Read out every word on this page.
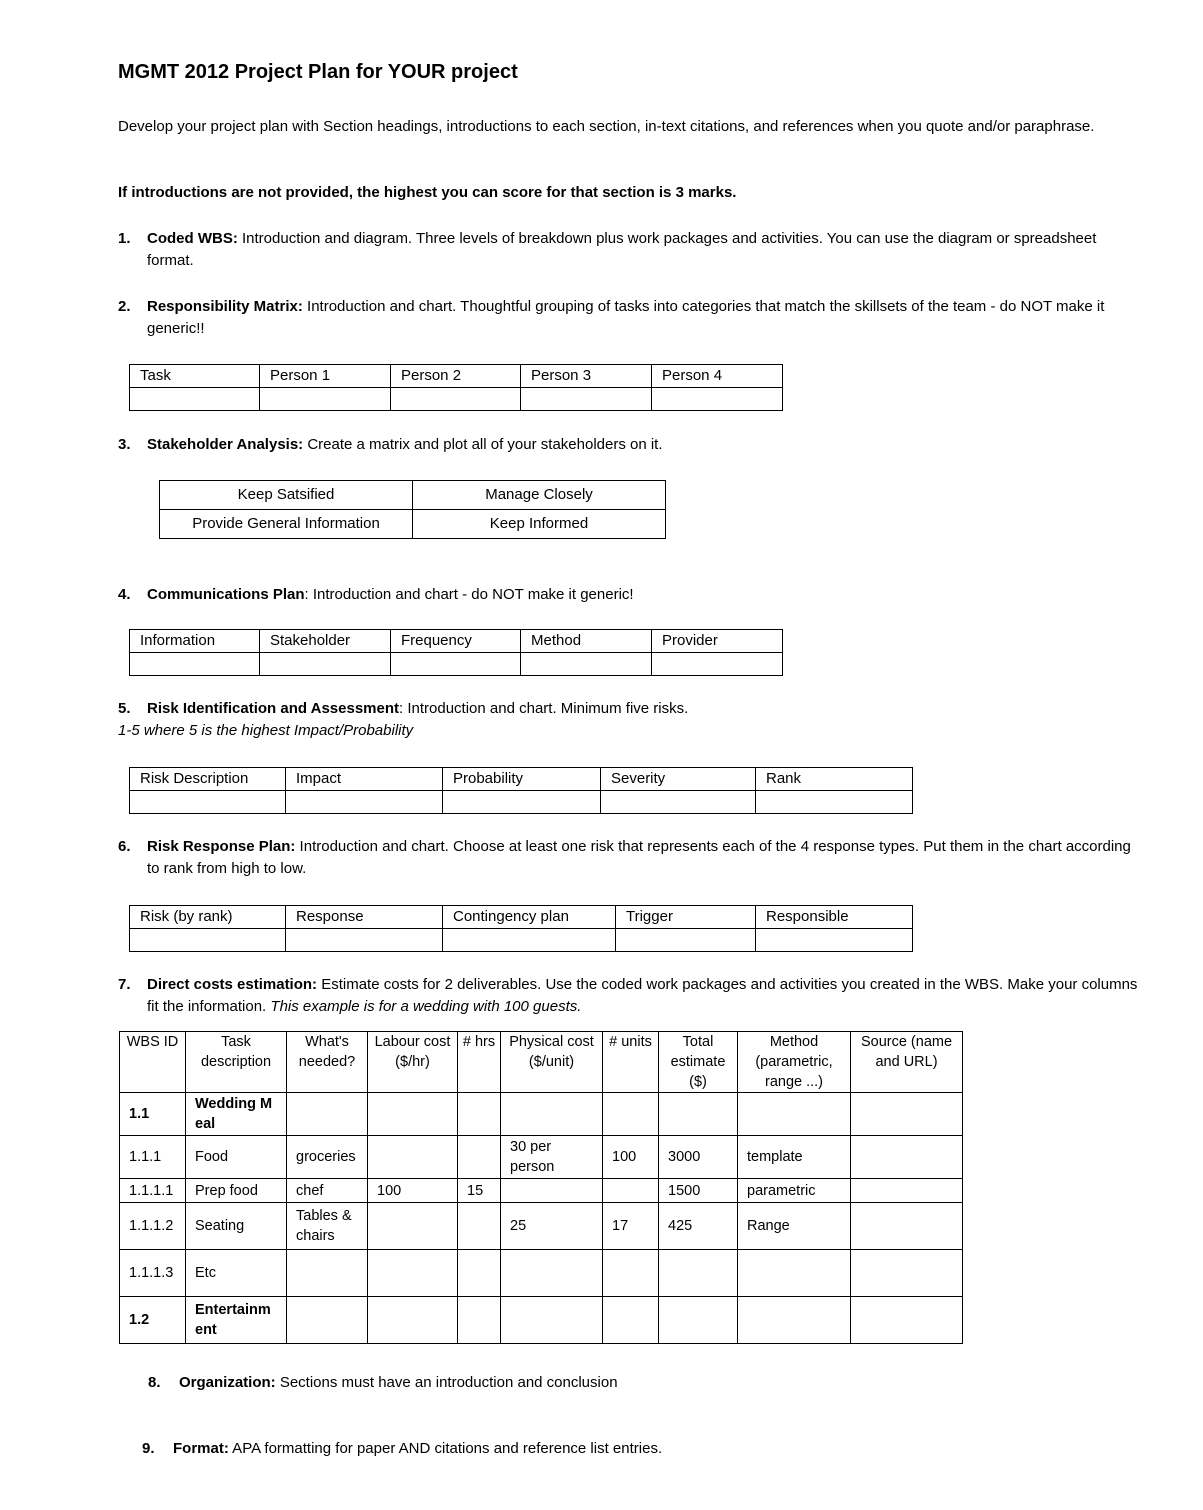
MGMT 2012 Project Plan for YOUR project
Develop your project plan with Section headings, introductions to each section, in-text citations, and references when you quote and/or paraphrase.
If introductions are not provided, the highest you can score for that section is 3 marks.
1. Coded WBS: Introduction and diagram. Three levels of breakdown plus work packages and activities. You can use the diagram or spreadsheet format.
2. Responsibility Matrix: Introduction and chart. Thoughtful grouping of tasks into categories that match the skillsets of the team - do NOT make it generic!!
3. Stakeholder Analysis: Create a matrix and plot all of your stakeholders on it.
4. Communications Plan: Introduction and chart - do NOT make it generic!
5. Risk Identification and Assessment: Introduction and chart. Minimum five risks.
6. Risk Response Plan: Introduction and chart. Choose at least one risk that represents each of the 4 response types. Put them in the chart according to rank from high to low.
7. Direct costs estimation: Estimate costs for 2 deliverables. Use the coded work packages and activities you created in the WBS. Make your columns fit the information. This example is for a wedding with 100 guests.
8. Organization: Sections must have an introduction and conclusion
9. Format: APA formatting for paper AND citations and reference list entries.
1-5 where 5 is the highest Impact/Probability
Task	Person 1	Person 2	Person 3	Person 4

Keep Satsified	Manage Closely
Provide General Information	Keep Informed
Information	Stakeholder	Frequency	Method	Provider

Risk Description	Impact	Probability	Severity	Rank

Risk (by rank)	Response	Contingency plan	Trigger	Responsible

WBS ID	Task description	What's needed?	Labour cost ($/hr)	# hrs	Physical cost ($/unit)	# units	Total estimate ($)	Method (parametric, range ...)	Source (name and URL)
1.1	Wedding Meal								
1.1.1	Food	groceries			30 per person	100	3000	template	
1.1.1.1	Prep food	chef	100	15			1500	parametric	
1.1.1.2	Seating	Tables & chairs			25	17	425	Range	
1.1.1.3	Etc								
1.2	Entertainment								
